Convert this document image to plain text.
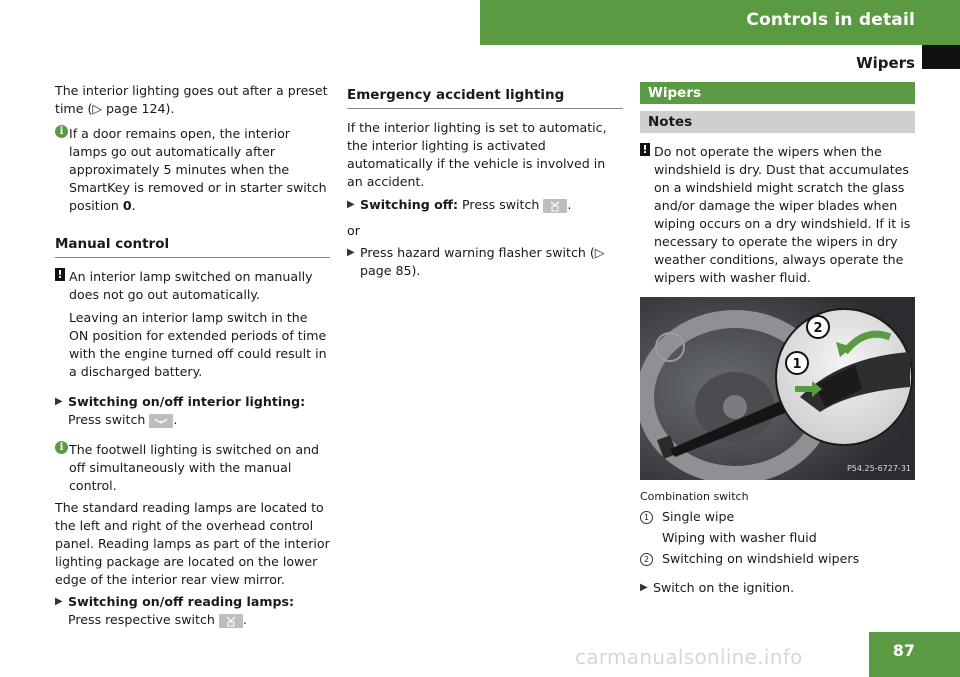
Controls in detail
Wipers

The interior lighting goes out after a preset time (▷ page 124).

i If a door remains open, the interior lamps go out automatically after approximately 5 minutes when the SmartKey is removed or in starter switch position 0.
Manual control
! An interior lamp switched on manually does not go out automatically.

Leaving an interior lamp switch in the ON position for extended periods of time with the engine turned off could result in a discharged battery.

▶ Switching on/off interior lighting: Press switch
.
i The footwell lighting is switched on and off simultaneously with the manual control.

The standard reading lamps are located to the left and right of the overhead control panel. Reading lamps as part of the interior lighting package are located on the lower edge of the interior rear view mirror.

▶ Switching on/off reading lamps: Press respective switch
.
Emergency accident lighting

If the interior lighting is set to automatic, the interior lighting is activated automatically if the vehicle is involved in an accident.

▶ Switching off: Press switch
.

or

▶ Press hazard warning flasher switch (▷ page 85).
Wipers
Notes
! Do not operate the wipers when the windshield is dry. Dust that accumulates on a windshield might scratch the glass and/or damage the wiper blades when wiping occurs on a dry windshield. If it is necessary to operate the wipers in dry weather conditions, always operate the wipers with washer fluid.
2
1
P54.25-6727-31
Combination switch
1	Single wipe
Wiping with washer fluid
2	Switching on windshield wipers
▶ Switch on the ignition.
87
carmanualsonline.info
